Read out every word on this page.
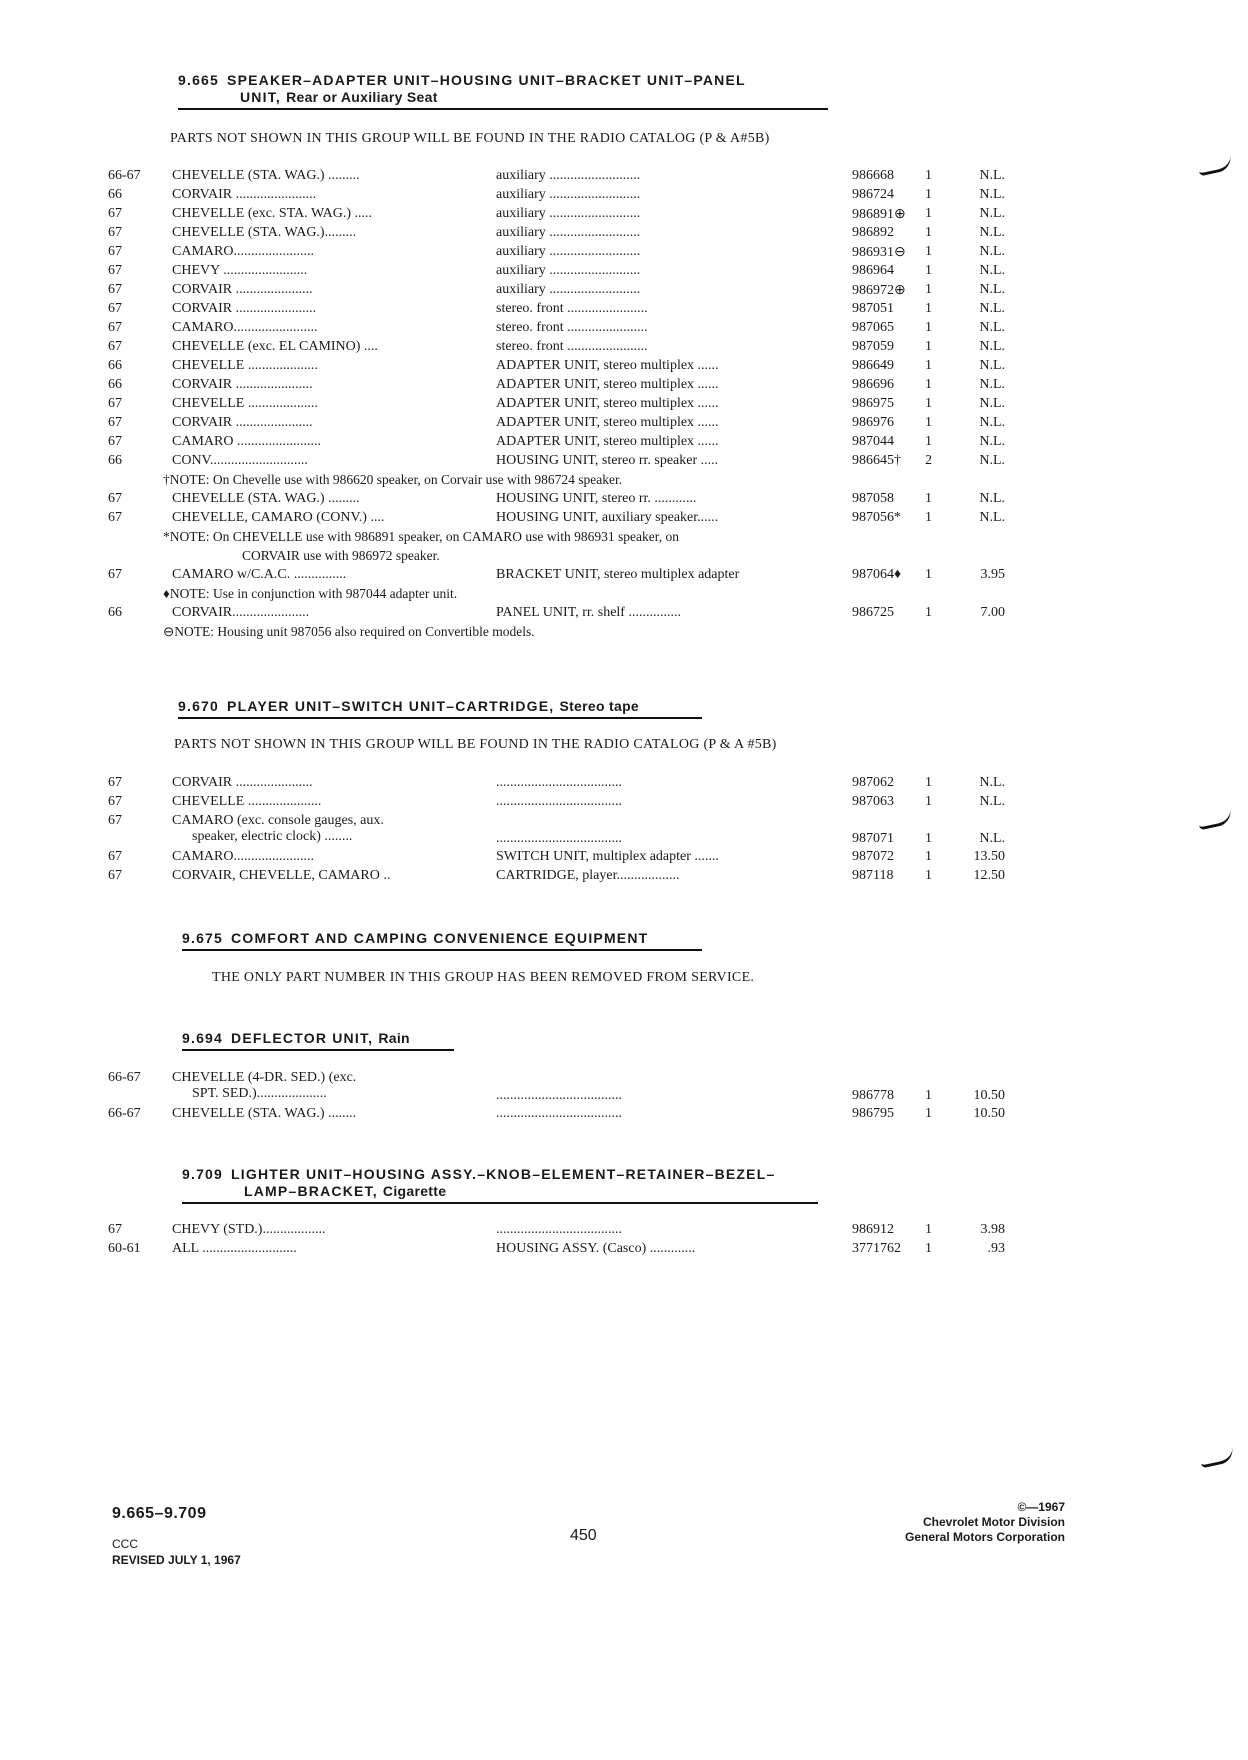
9.665 SPEAKER–ADAPTER UNIT–HOUSING UNIT–BRACKET UNIT–PANEL
UNIT, Rear or Auxiliary Seat
PARTS NOT SHOWN IN THIS GROUP WILL BE FOUND IN THE RADIO CATALOG (P & A#5B)
66-67 CHEVELLE (STA. WAG.) .........	auxiliary ..........................	986668 1	N.L.
66	CORVAIR .......................	auxiliary ..........................	986724 1	N.L.
67	CHEVELLE (exc. STA. WAG.) .....	auxiliary ..........................	986891⊕ 1	N.L.
67	CHEVELLE (STA. WAG.).........	auxiliary ..........................	986892 1	N.L.
67	CAMARO.......................	auxiliary ..........................	986931⊖ 1	N.L.
67	CHEVY ........................	auxiliary ..........................	986964 1	N.L.
67	CORVAIR ......................	auxiliary ..........................	986972⊕ 1	N.L.
67	CORVAIR .......................	stereo. front .......................	987051 1	N.L.
67	CAMARO........................	stereo. front .......................	987065 1	N.L.
67	CHEVELLE (exc. EL CAMINO) ....	stereo. front .......................	987059 1	N.L.
66	CHEVELLE ....................	ADAPTER UNIT, stereo multiplex ......	986649 1	N.L.
66	CORVAIR ......................	ADAPTER UNIT, stereo multiplex ......	986696 1	N.L.
67	CHEVELLE ....................	ADAPTER UNIT, stereo multiplex ......	986975 1	N.L.
67	CORVAIR ......................	ADAPTER UNIT, stereo multiplex ......	986976 1	N.L.
67	CAMARO ........................	ADAPTER UNIT, stereo multiplex ......	987044 1	N.L.
66	CONV............................	HOUSING UNIT, stereo rr. speaker .....	986645† 2	N.L.
†NOTE: On Chevelle use with 986620 speaker, on Corvair use with 986724 speaker.
67	CHEVELLE (STA. WAG.) .........	HOUSING UNIT, stereo rr. ............	987058 1	N.L.
67	CHEVELLE, CAMARO (CONV.) ....	HOUSING UNIT, auxiliary speaker......	987056* 1	N.L.
*NOTE: On CHEVELLE use with 986891 speaker, on CAMARO use with 986931 speaker, on
CORVAIR use with 986972 speaker.
67	CAMARO w/C.A.C. ...............	BRACKET UNIT, stereo multiplex adapter	987064♦ 1	3.95
♦NOTE: Use in conjunction with 987044 adapter unit.
66	CORVAIR......................	PANEL UNIT, rr. shelf ...............	986725 1	7.00
⊖NOTE: Housing unit 987056 also required on Convertible models.
9.670 PLAYER UNIT–SWITCH UNIT–CARTRIDGE, Stereo tape
PARTS NOT SHOWN IN THIS GROUP WILL BE FOUND IN THE RADIO CATALOG (P & A #5B)
67	CORVAIR ......................	....................................	987062 1	N.L.
67	CHEVELLE .....................	....................................	987063 1	N.L.
67	CAMARO (exc. console gauges, aux.
speaker, electric clock) ........	....................................	987071 1	N.L.
67	CAMARO.......................	SWITCH UNIT, multiplex adapter .......	987072 1	13.50
67	CORVAIR, CHEVELLE, CAMARO ..	CARTRIDGE, player..................	987118 1	12.50
9.675 COMFORT AND CAMPING CONVENIENCE EQUIPMENT
THE ONLY PART NUMBER IN THIS GROUP HAS BEEN REMOVED FROM SERVICE.
9.694 DEFLECTOR UNIT, Rain
66-67 CHEVELLE (4-DR. SED.) (exc.
SPT. SED.)....................	....................................	986778 1	10.50
66-67 CHEVELLE (STA. WAG.) ........	....................................	986795 1	10.50
9.709 LIGHTER UNIT–HOUSING ASSY.–KNOB–ELEMENT–RETAINER–BEZEL–
LAMP–BRACKET, Cigarette
67	CHEVY (STD.)..................	....................................	986912 1	3.98
60-61 ALL ...........................	HOUSING ASSY. (Casco) .............	3771762 1	.93
9.665–9.709
CCC
REVISED JULY 1, 1967
450
©—1967
Chevrolet Motor Division
General Motors Corporation
